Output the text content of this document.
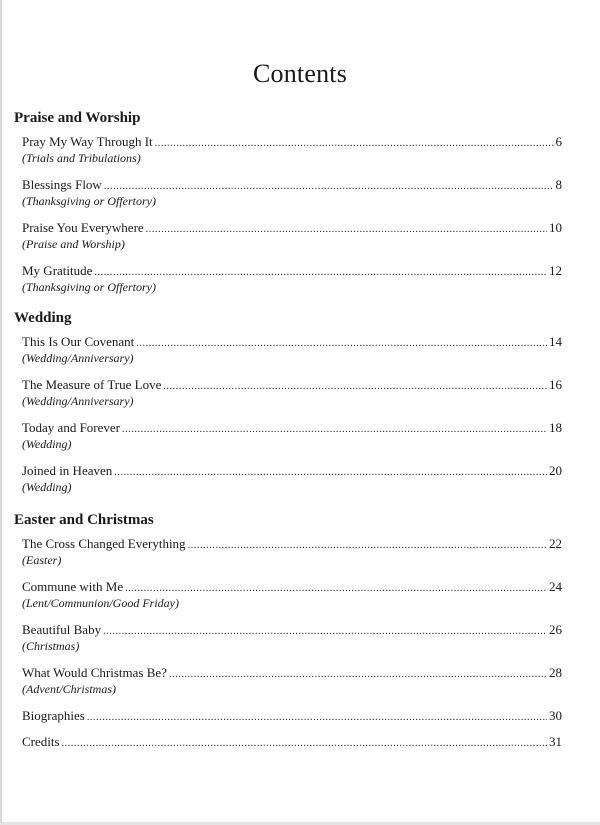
Contents
Praise and Worship
Pray My Way Through It .....	6
(Trials and Tribulations)
Blessings Flow .....	8
(Thanksgiving or Offertory)
Praise You Everywhere .....	10
(Praise and Worship)
My Gratitude .....	12
(Thanksgiving or Offertory)
Wedding
This Is Our Covenant .....	14
(Wedding/Anniversary)
The Measure of True Love .....	16
(Wedding/Anniversary)
Today and Forever .....	18
(Wedding)
Joined in Heaven .....	20
(Wedding)
Easter and Christmas
The Cross Changed Everything .....	22
(Easter)
Commune with Me .....	24
(Lent/Communion/Good Friday)
Beautiful Baby .....	26
(Christmas)
What Would Christmas Be? .....	28
(Advent/Christmas)
Biographies .....	30
Credits .....	31
